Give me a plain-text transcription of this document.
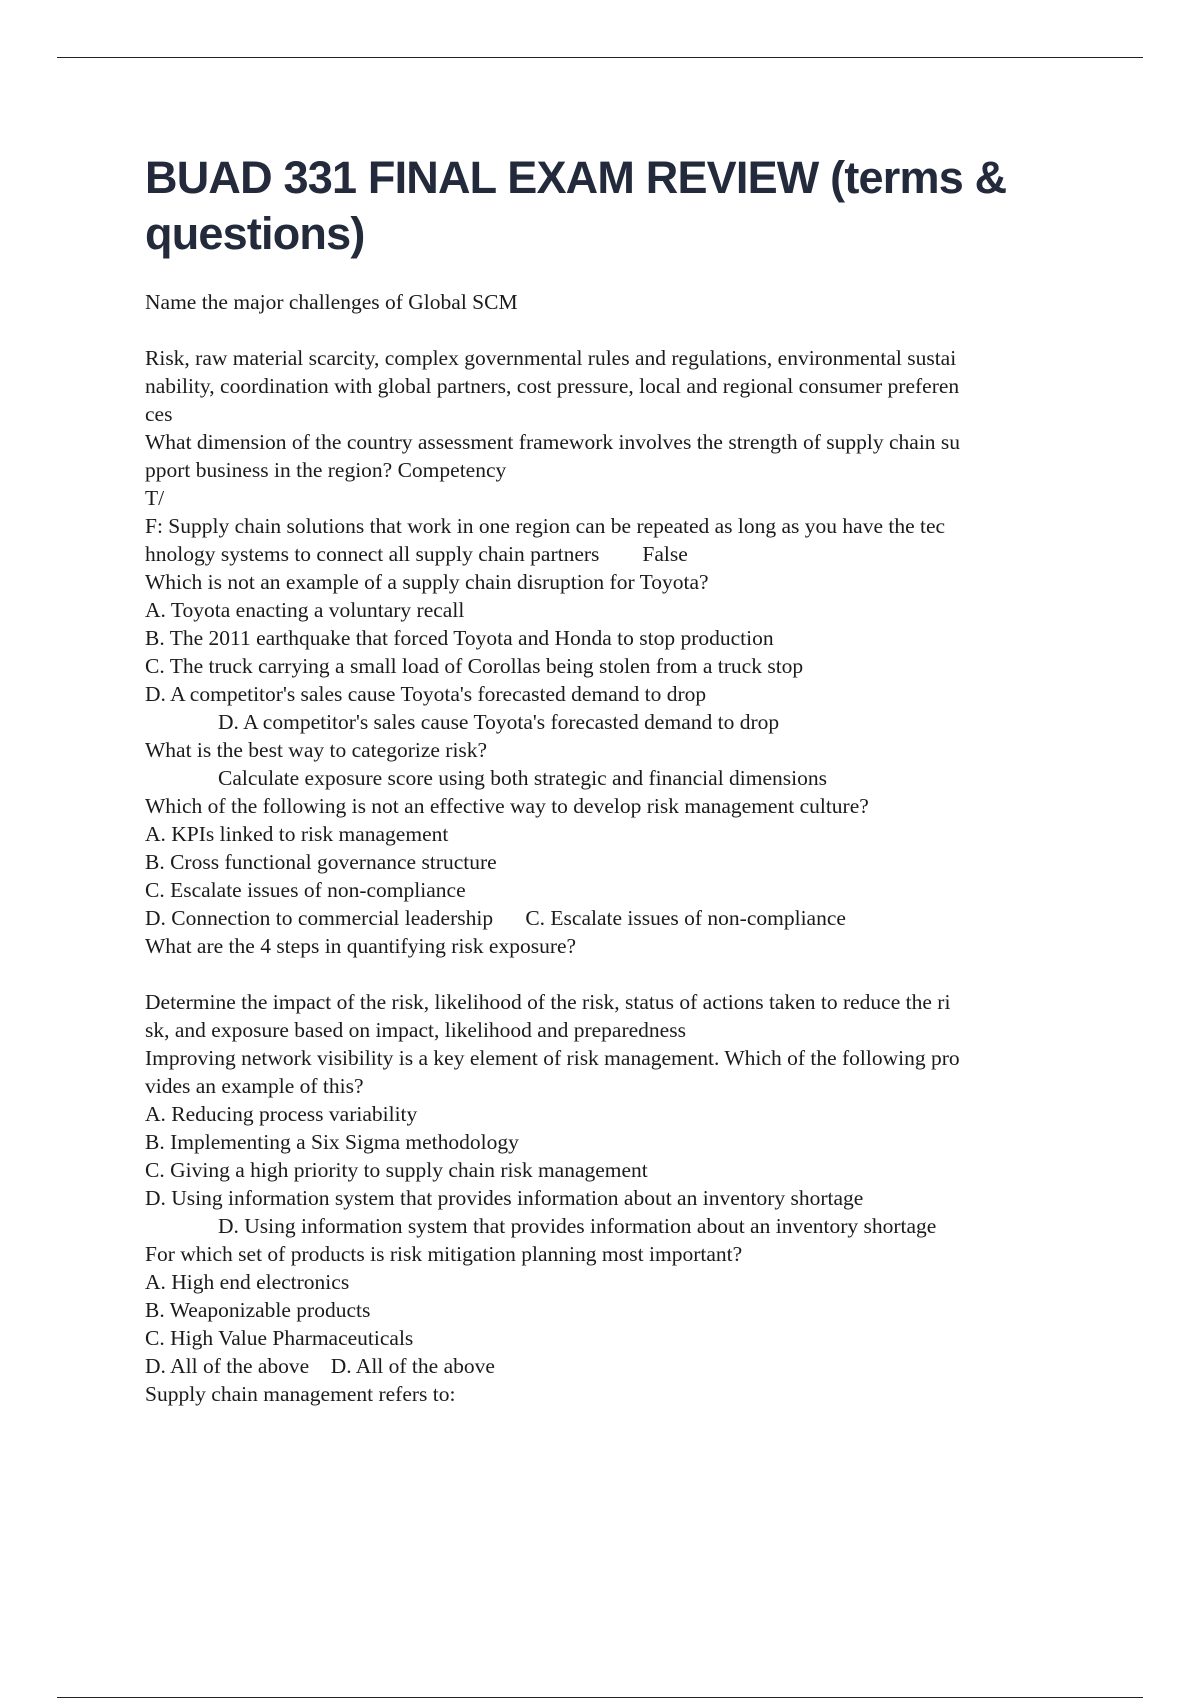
BUAD 331 FINAL EXAM REVIEW (terms &
questions)
Name the major challenges of Global SCM
Risk, raw material scarcity, complex governmental rules and regulations, environmental sustai
nability, coordination with global partners, cost pressure, local and regional consumer preferen
ces
What dimension of the country assessment framework involves the strength of supply chain su
pport business in the region? Competency
T/
F: Supply chain solutions that work in one region can be repeated as long as you have the tec
hnology systems to connect all supply chain partners        False
Which is not an example of a supply chain disruption for Toyota?
A. Toyota enacting a voluntary recall
B. The 2011 earthquake that forced Toyota and Honda to stop production
C. The truck carrying a small load of Corollas being stolen from a truck stop
D. A competitor's sales cause Toyota's forecasted demand to drop
D. A competitor's sales cause Toyota's forecasted demand to drop
What is the best way to categorize risk?
Calculate exposure score using both strategic and financial dimensions
Which of the following is not an effective way to develop risk management culture?
A. KPIs linked to risk management
B. Cross functional governance structure
C. Escalate issues of non-compliance
D. Connection to commercial leadership      C. Escalate issues of non-compliance
What are the 4 steps in quantifying risk exposure?
Determine the impact of the risk, likelihood of the risk, status of actions taken to reduce the ri
sk, and exposure based on impact, likelihood and preparedness
Improving network visibility is a key element of risk management. Which of the following pro
vides an example of this?
A. Reducing process variability
B. Implementing a Six Sigma methodology
C. Giving a high priority to supply chain risk management
D. Using information system that provides information about an inventory shortage
D. Using information system that provides information about an inventory shortage
For which set of products is risk mitigation planning most important?
A. High end electronics
B. Weaponizable products
C. High Value Pharmaceuticals
D. All of the above    D. All of the above
Supply chain management refers to:
